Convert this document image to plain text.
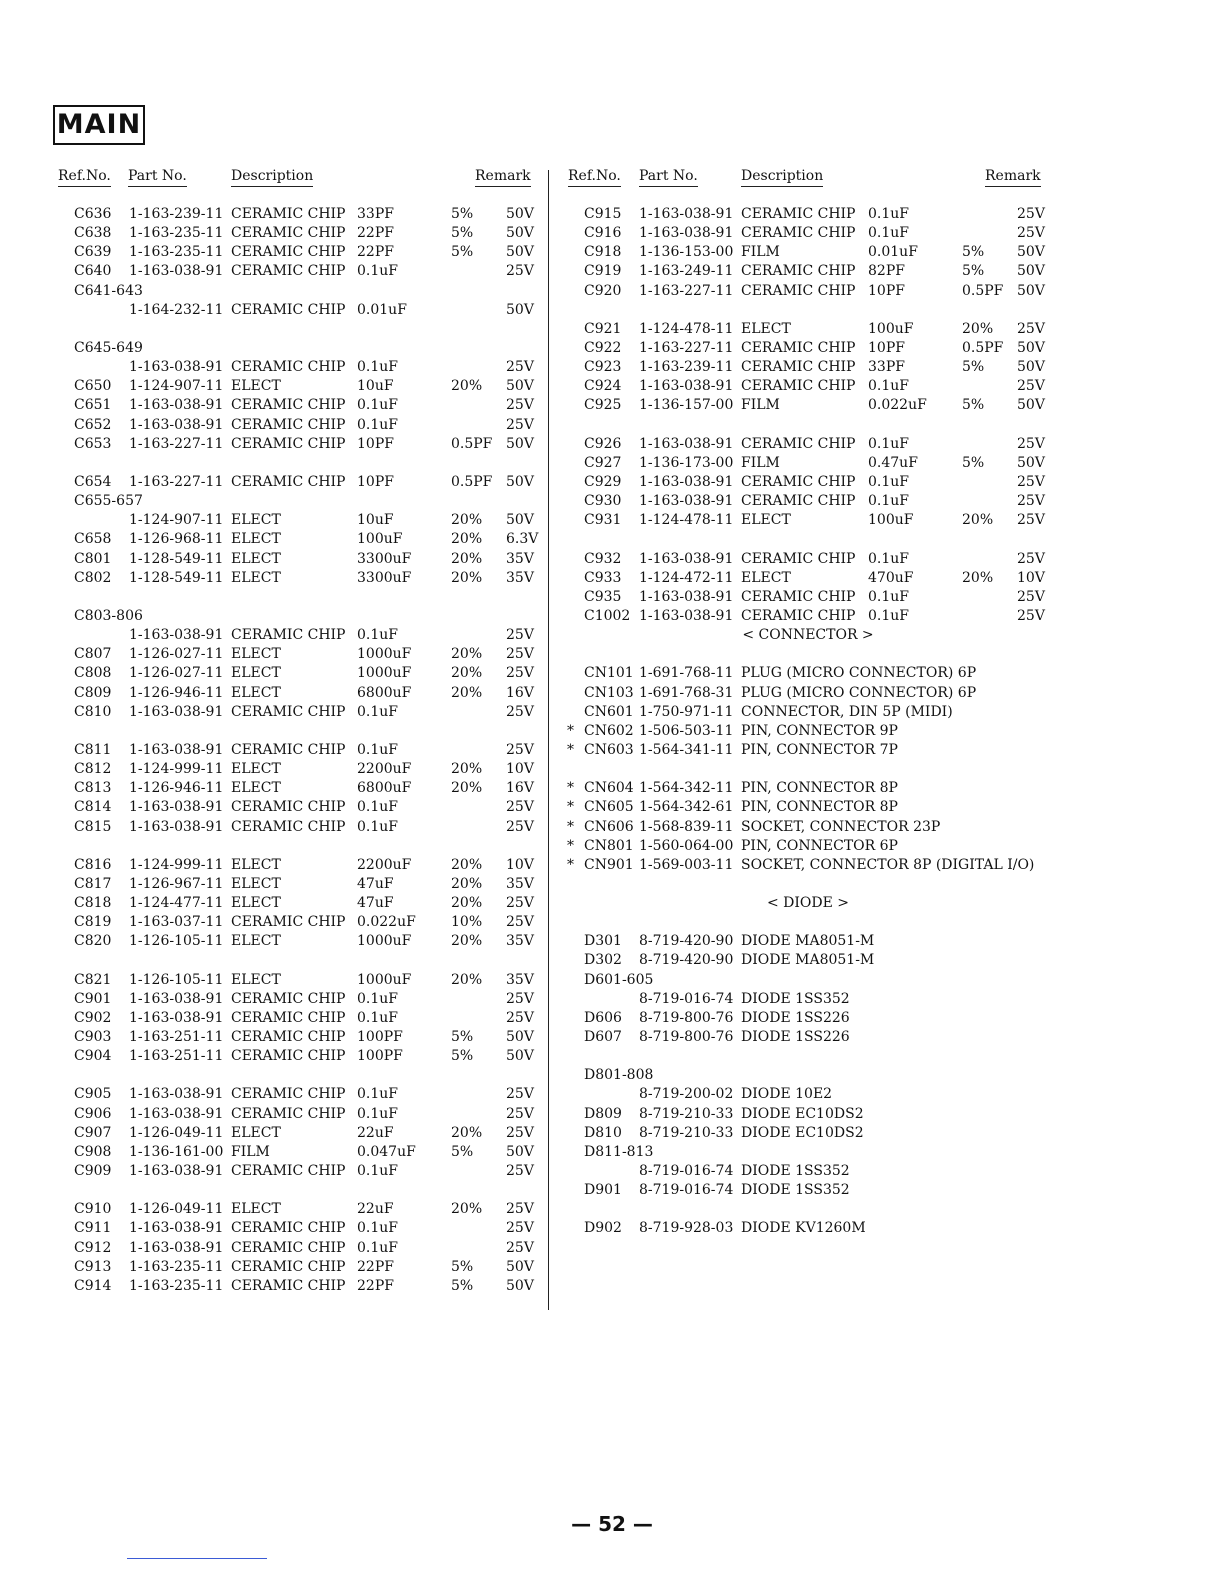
MAIN
Ref.No. Part No.	Description	Remark
C636 1-163-239-11 CERAMIC CHIP 33PF	5% 50V
C638 1-163-235-11 CERAMIC CHIP 22PF	5% 50V
C639 1-163-235-11 CERAMIC CHIP 22PF	5% 50V
C640 1-163-038-91 CERAMIC CHIP 0.1uF	25V
C641-643
1-164-232-11 CERAMIC CHIP 0.01uF	50V
C645-649
1-163-038-91 CERAMIC CHIP 0.1uF	25V
C650 1-124-907-11 ELECT	10uF	20% 50V
C651 1-163-038-91 CERAMIC CHIP 0.1uF	25V
C652 1-163-038-91 CERAMIC CHIP 0.1uF	25V
C653 1-163-227-11 CERAMIC CHIP 10PF	0.5PF 50V
C654 1-163-227-11 CERAMIC CHIP 10PF	0.5PF 50V
C655-657
1-124-907-11 ELECT	10uF	20% 50V
C658 1-126-968-11 ELECT	100uF	20% 6.3V
C801 1-128-549-11 ELECT	3300uF	20% 35V
C802 1-128-549-11 ELECT	3300uF	20% 35V
C803-806
1-163-038-91 CERAMIC CHIP 0.1uF	25V
C807 1-126-027-11 ELECT	1000uF	20% 25V
C808 1-126-027-11 ELECT	1000uF	20% 25V
C809 1-126-946-11 ELECT	6800uF	20% 16V
C810 1-163-038-91 CERAMIC CHIP 0.1uF	25V
C811 1-163-038-91 CERAMIC CHIP 0.1uF	25V
C812 1-124-999-11 ELECT	2200uF	20% 10V
C813 1-126-946-11 ELECT	6800uF	20% 16V
C814 1-163-038-91 CERAMIC CHIP 0.1uF	25V
C815 1-163-038-91 CERAMIC CHIP 0.1uF	25V
C816 1-124-999-11 ELECT	2200uF	20% 10V
C817 1-126-967-11 ELECT	47uF	20% 35V
C818 1-124-477-11 ELECT	47uF	20% 25V
C819 1-163-037-11 CERAMIC CHIP 0.022uF	10% 25V
C820 1-126-105-11 ELECT	1000uF	20% 35V
C821 1-126-105-11 ELECT	1000uF	20% 35V
C901 1-163-038-91 CERAMIC CHIP 0.1uF	25V
C902 1-163-038-91 CERAMIC CHIP 0.1uF	25V
C903 1-163-251-11 CERAMIC CHIP 100PF	5% 50V
C904 1-163-251-11 CERAMIC CHIP 100PF	5% 50V
C905 1-163-038-91 CERAMIC CHIP 0.1uF	25V
C906 1-163-038-91 CERAMIC CHIP 0.1uF	25V
C907 1-126-049-11 ELECT	22uF	20% 25V
C908 1-136-161-00 FILM	0.047uF	5% 50V
C909 1-163-038-91 CERAMIC CHIP 0.1uF	25V
C910 1-126-049-11 ELECT	22uF	20% 25V
C911 1-163-038-91 CERAMIC CHIP 0.1uF	25V
C912 1-163-038-91 CERAMIC CHIP 0.1uF	25V
C913 1-163-235-11 CERAMIC CHIP 22PF	5% 50V
C914 1-163-235-11 CERAMIC CHIP 22PF	5% 50V
Ref.No. Part No.	Description	Remark
C915 1-163-038-91 CERAMIC CHIP 0.1uF	25V
C916 1-163-038-91 CERAMIC CHIP 0.1uF	25V
C918 1-136-153-00 FILM	0.01uF	5% 50V
C919 1-163-249-11 CERAMIC CHIP 82PF	5% 50V
C920 1-163-227-11 CERAMIC CHIP 10PF	0.5PF 50V
C921 1-124-478-11 ELECT	100uF	20% 25V
C922 1-163-227-11 CERAMIC CHIP 10PF	0.5PF 50V
C923 1-163-239-11 CERAMIC CHIP 33PF	5% 50V
C924 1-163-038-91 CERAMIC CHIP 0.1uF	25V
C925 1-136-157-00 FILM	0.022uF	5% 50V
C926 1-163-038-91 CERAMIC CHIP 0.1uF	25V
C927 1-136-173-00 FILM	0.47uF	5% 50V
C929 1-163-038-91 CERAMIC CHIP 0.1uF	25V
C930 1-163-038-91 CERAMIC CHIP 0.1uF	25V
C931 1-124-478-11 ELECT	100uF	20% 25V
C932 1-163-038-91 CERAMIC CHIP 0.1uF	25V
C933 1-124-472-11 ELECT	470uF	20% 10V
C935 1-163-038-91 CERAMIC CHIP 0.1uF	25V
C1002 1-163-038-91 CERAMIC CHIP 0.1uF	25V
< CONNECTOR >
CN101 1-691-768-11 PLUG (MICRO CONNECTOR) 6P
CN103 1-691-768-31 PLUG (MICRO CONNECTOR) 6P
CN601 1-750-971-11 CONNECTOR, DIN 5P (MIDI)
* CN602 1-506-503-11 PIN, CONNECTOR 9P
* CN603 1-564-341-11 PIN, CONNECTOR 7P
* CN604 1-564-342-11 PIN, CONNECTOR 8P
* CN605 1-564-342-61 PIN, CONNECTOR 8P
* CN606 1-568-839-11 SOCKET, CONNECTOR 23P
* CN801 1-560-064-00 PIN, CONNECTOR 6P
* CN901 1-569-003-11 SOCKET, CONNECTOR 8P (DIGITAL I/O)
< DIODE >
D301 8-719-420-90 DIODE MA8051-M
D302 8-719-420-90 DIODE MA8051-M
D601-605
8-719-016-74 DIODE 1SS352
D606 8-719-800-76 DIODE 1SS226
D607 8-719-800-76 DIODE 1SS226
D801-808
8-719-200-02 DIODE 10E2
D809 8-719-210-33 DIODE EC10DS2
D810 8-719-210-33 DIODE EC10DS2
D811-813
8-719-016-74 DIODE 1SS352
D901 8-719-016-74 DIODE 1SS352
D902 8-719-928-03 DIODE KV1260M
— 52 —
